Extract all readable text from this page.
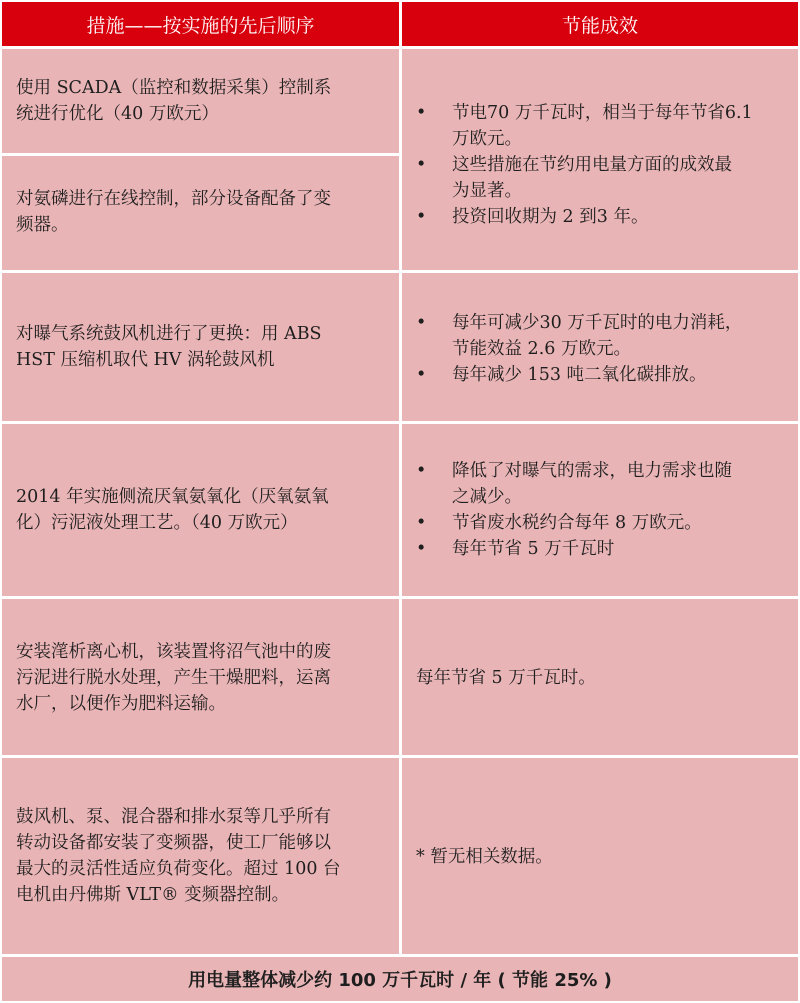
措施——按实施的先后顺序	节能成效
使用 SCADA（监控和数据采集）控制系
统进行优化（40 万欧元）
对氨磷进行在线控制，部分设备配备了变
频器。
• 节电70 万千瓦时，相当于每年节省6.1
万欧元。
• 这些措施在节约用电量方面的成效最
为显著。
• 投资回收期为 2 到3 年。
对曝气系统鼓风机进行了更换：用 ABS
HST 压缩机取代 HV 涡轮鼓风机
• 每年可减少30 万千瓦时的电力消耗，
节能效益 2.6 万欧元。
• 每年减少 153 吨二氧化碳排放。
2014 年实施侧流厌氧氨氧化（厌氧氨氧
化）污泥液处理工艺。（40 万欧元）
• 降低了对曝气的需求，电力需求也随
之减少。
• 节省废水税约合每年 8 万欧元。
• 每年节省 5 万千瓦时
安装滗析离心机，该装置将沼气池中的废
污泥进行脱水处理，产生干燥肥料，运离
水厂，以便作为肥料运输。
每年节省 5 万千瓦时。
鼓风机、泵、混合器和排水泵等几乎所有
转动设备都安装了变频器，使工厂能够以
最大的灵活性适应负荷变化。超过 100 台
电机由丹佛斯 VLT® 变频器控制。
* 暂无相关数据。
用电量整体减少约 100 万千瓦时 / 年 ( 节能 25% )
